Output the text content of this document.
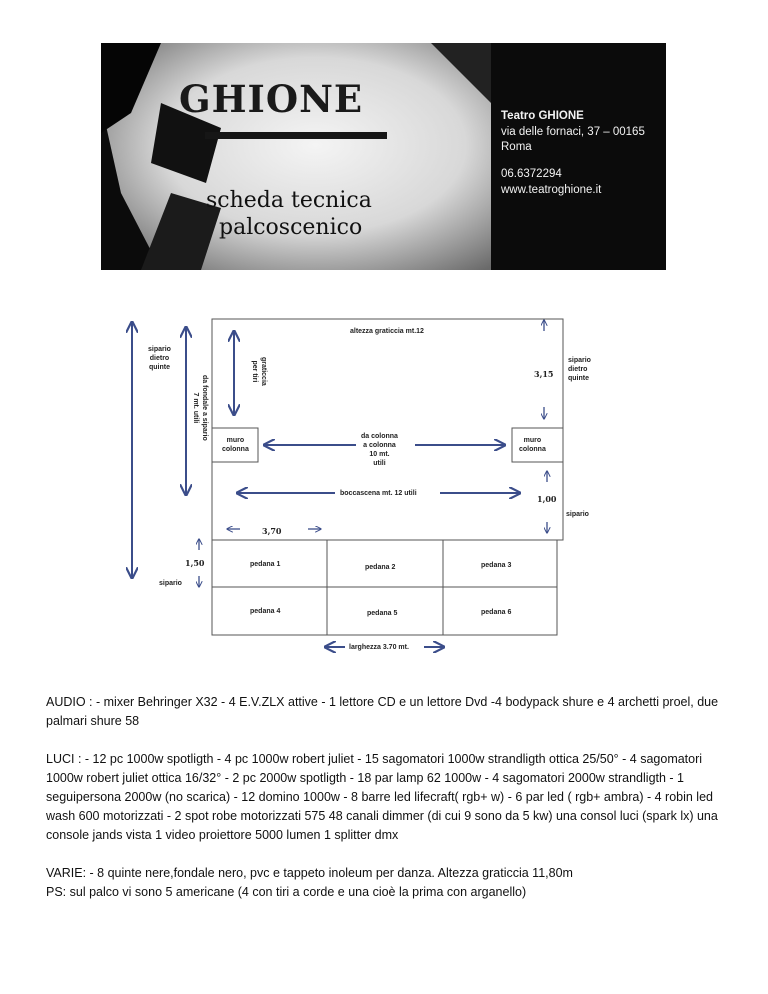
GHIONE
scheda tecnica
palcoscenico
Teatro GHIONE
via delle fornaci, 37 – 00165
Roma
06.6372294
www.teatroghione.it
altezza graticcia mt.12
sipario
dietro
quinte
sipario
dietro
quinte
graticcia
per tiri
da fondale a sipario
7 mt. utili
3,15
muro
colonna
muro
colonna
da colonna
a colonna
10 mt.
utili
boccascena mt. 12 utili
1,00
sipario
3,70
1,50
sipario
pedana 1	pedana 2	pedana 3
pedana 4	pedana 5	pedana 6
larghezza 3.70 mt.
AUDIO : - mixer Behringer X32 - 4 E.V.ZLX attive - 1 lettore CD e un lettore Dvd -4 bodypack shure e 4 archetti proel, due palmari shure 58
LUCI : - 12 pc 1000w spotligth - 4 pc 1000w robert juliet - 15 sagomatori 1000w strandligth ottica 25/50° - 4 sagomatori 1000w robert juliet ottica 16/32° - 2 pc 2000w spotligth - 18 par lamp 62 1000w - 4 sagomatori 2000w strandligth - 1 seguipersona 2000w (no scarica) - 12 domino 1000w - 8 barre led lifecraft( rgb+ w) - 6 par led ( rgb+ ambra) - 4 robin led wash 600 motorizzati - 2 spot robe motorizzati 575 48 canali dimmer (di cui 9 sono da 5 kw) una consol luci (spark lx) una console jands vista 1 video proiettore 5000 lumen 1 splitter dmx
VARIE: - 8 quinte nere,fondale nero, pvc e tappeto inoleum per danza. Altezza graticcia 11,80m
PS: sul palco vi sono 5 americane (4 con tiri a corde e una cioè la prima con arganello)
